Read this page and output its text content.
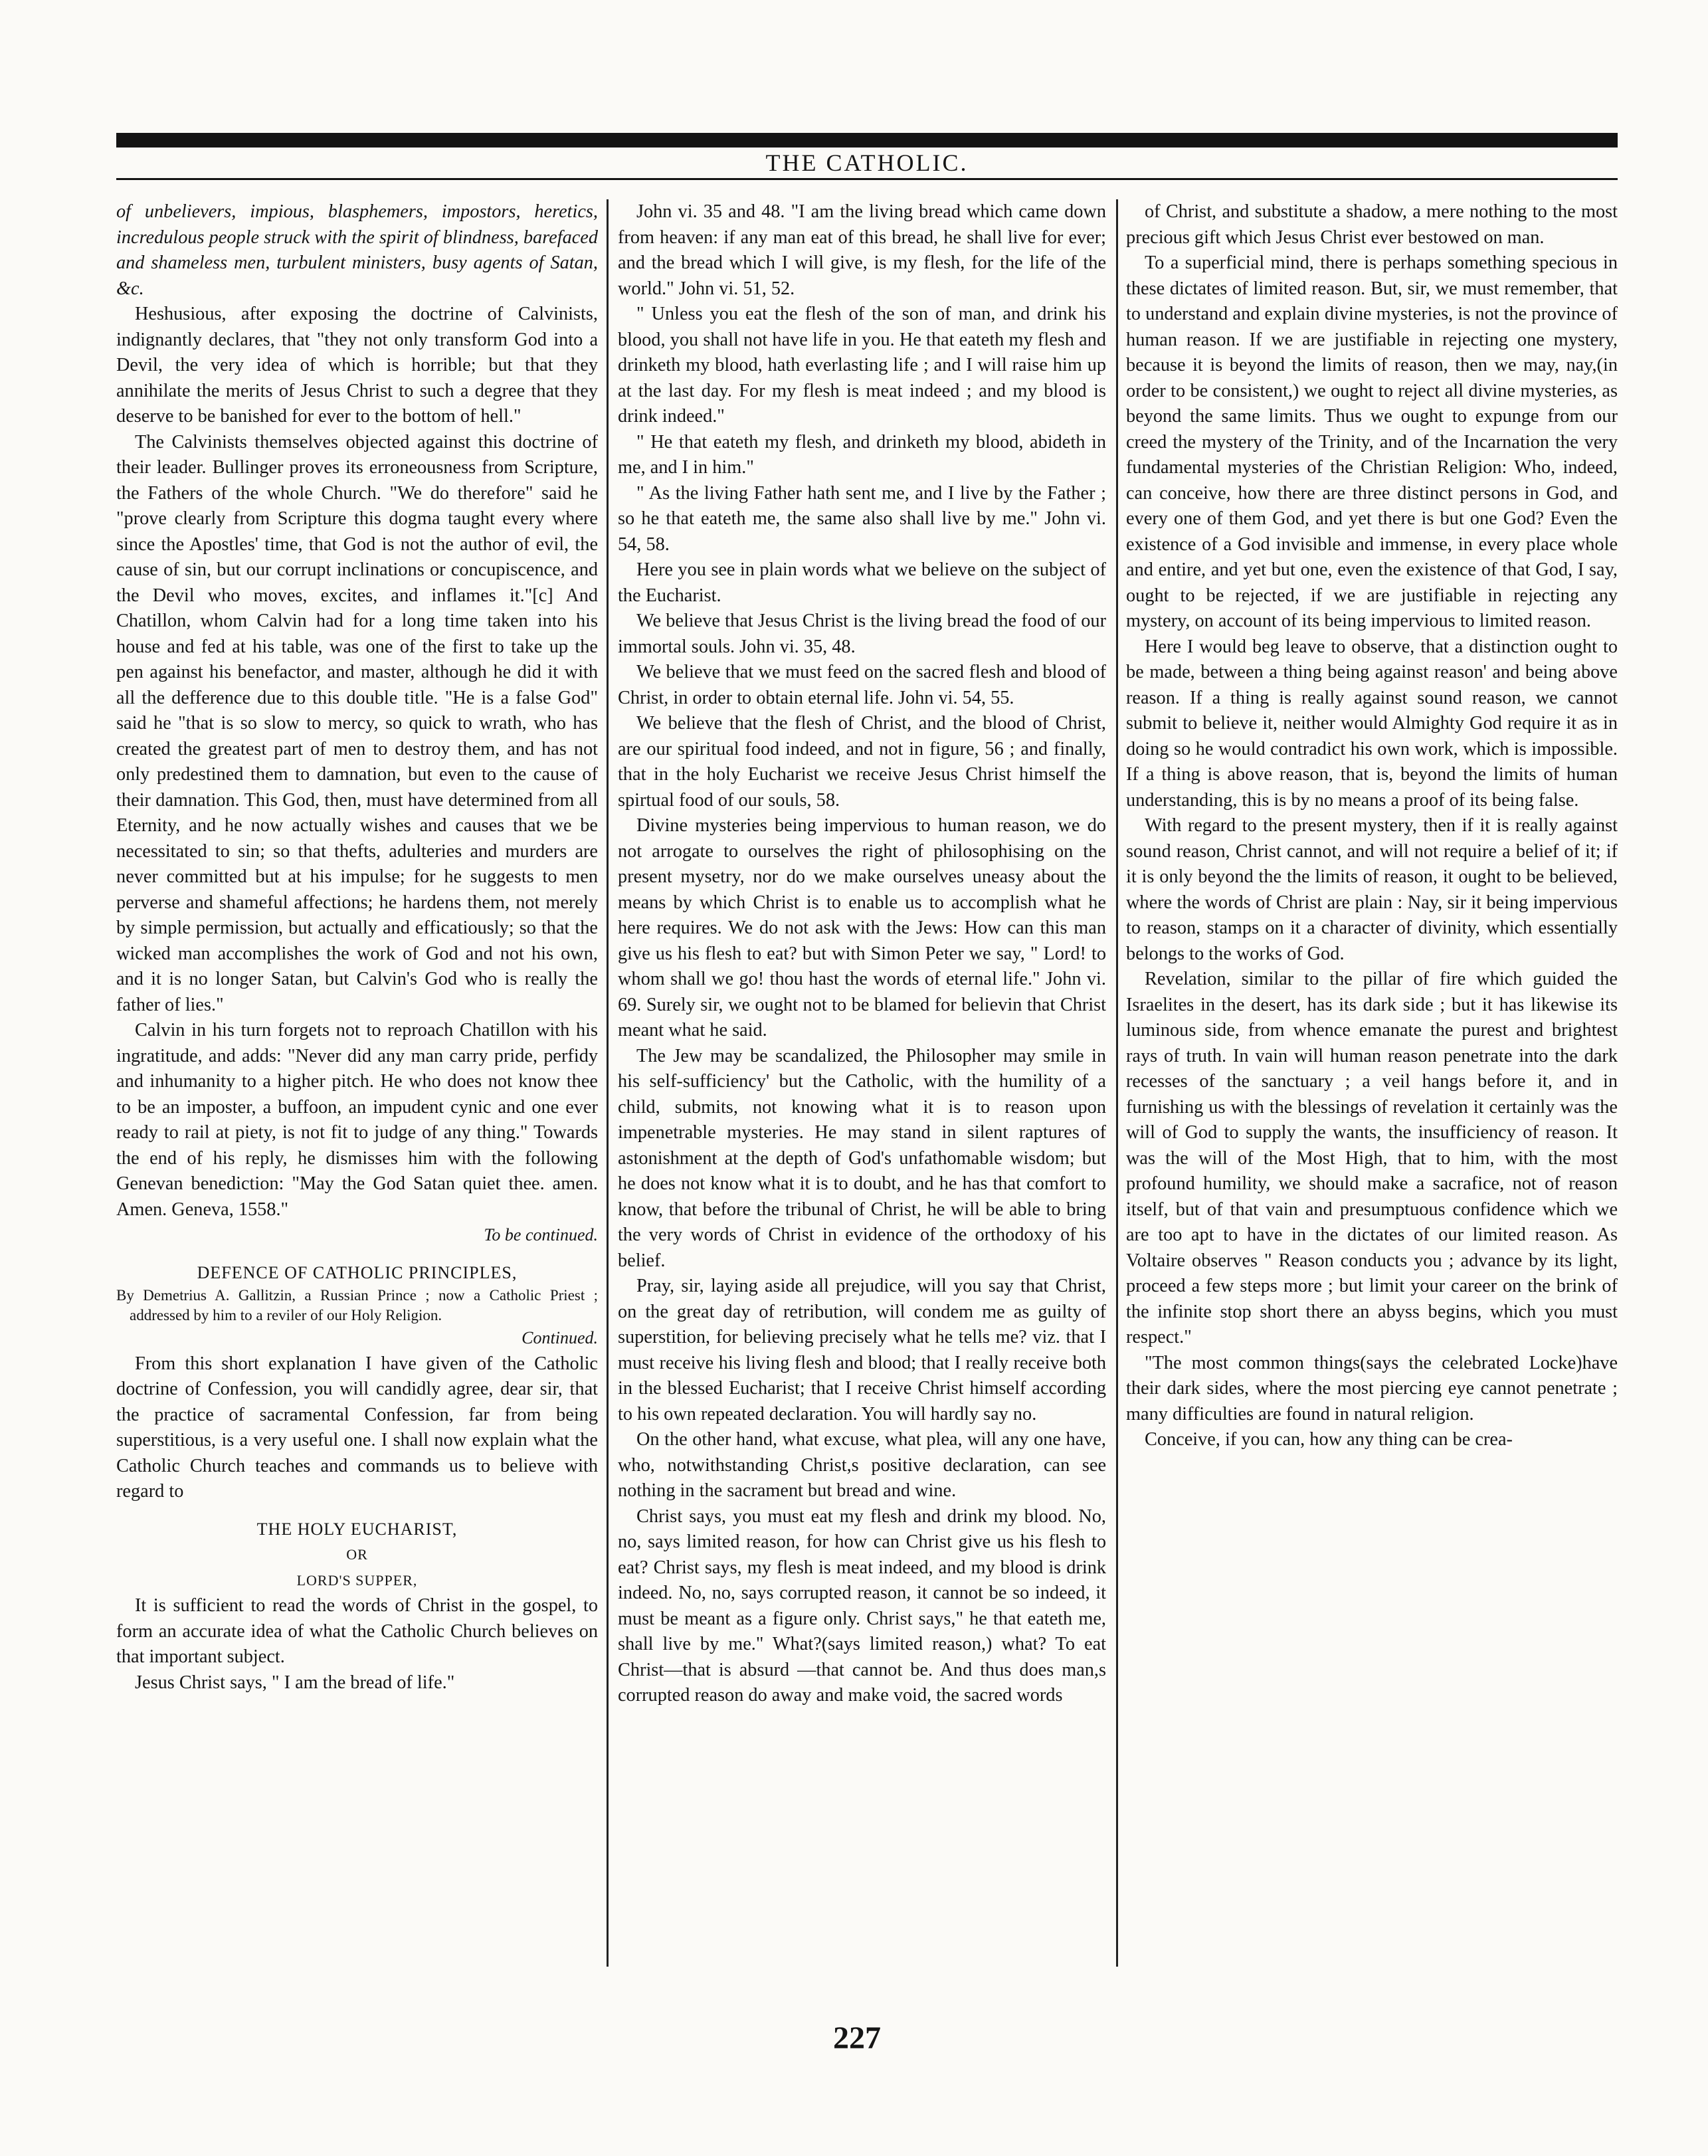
THE CATHOLIC.

of unbelievers, impious, blasphemers, impostors, heretics, incredulous people struck with the spirit of blindness, barefaced and shameless men, turbulent ministers, busy agents of Satan, &c.

Heshusious, after exposing the doctrine of Calvinists, indignantly declares, that "they not only transform God into a Devil, the very idea of which is horrible; but that they annihilate the merits of Jesus Christ to such a degree that they deserve to be banished for ever to the bottom of hell."

The Calvinists themselves objected against this doctrine of their leader. Bullinger proves its erroneousness from Scripture, the Fathers of the whole Church. "We do therefore" said he "prove clearly from Scripture this dogma taught every where since the Apostles' time, that God is not the author of evil, the cause of sin, but our corrupt inclinations or concupiscence, and the Devil who moves, excites, and inflames it."[c] And Chatillon, whom Calvin had for a long time taken into his house and fed at his table, was one of the first to take up the pen against his benefactor, and master, although he did it with all the defference due to this double title. "He is a false God" said he "that is so slow to mercy, so quick to wrath, who has created the greatest part of men to destroy them, and has not only predestined them to damnation, but even to the cause of their damnation. This God, then, must have determined from all Eternity, and he now actually wishes and causes that we be necessitated to sin; so that thefts, adulteries and murders are never committed but at his impulse; for he suggests to men perverse and shameful affections; he hardens them, not merely by simple permission, but actually and efficatiously; so that the wicked man accomplishes the work of God and not his own, and it is no longer Satan, but Calvin's God who is really the father of lies."

Calvin in his turn forgets not to reproach Chatillon with his ingratitude, and adds: "Never did any man carry pride, perfidy and inhumanity to a higher pitch. He who does not know thee to be an imposter, a buffoon, an impudent cynic and one ever ready to rail at piety, is not fit to judge of any thing." Towards the end of his reply, he dismisses him with the following Genevan benediction: "May the God Satan quiet thee. amen. Amen. Geneva, 1558."

To be continued.

DEFENCE OF CATHOLIC PRINCIPLES,

By Demetrius A. Gallitzin, a Russian Prince ; now a Catholic Priest ; addressed by him to a reviler of our Holy Religion.

Continued.

From this short explanation I have given of the Catholic doctrine of Confession, you will candidly agree, dear sir, that the practice of sacramental Confession, far from being superstitious, is a very useful one. I shall now explain what the Catholic Church teaches and commands us to believe with regard to

THE HOLY EUCHARIST,

OR

LORD'S SUPPER,

It is sufficient to read the words of Christ in the gospel, to form an accurate idea of what the Catholic Church believes on that important subject.

Jesus Christ says, " I am the bread of life."

John vi. 35 and 48. "I am the living bread which came down from heaven: if any man eat of this bread, he shall live for ever; and the bread which I will give, is my flesh, for the life of the world." John vi. 51, 52.

" Unless you eat the flesh of the son of man, and drink his blood, you shall not have life in you. He that eateth my flesh and drinketh my blood, hath everlasting life ; and I will raise him up at the last day. For my flesh is meat indeed ; and my blood is drink indeed."

" He that eateth my flesh, and drinketh my blood, abideth in me, and I in him."

" As the living Father hath sent me, and I live by the Father ; so he that eateth me, the same also shall live by me." John vi. 54, 58.

Here you see in plain words what we believe on the subject of the Eucharist.

We believe that Jesus Christ is the living bread the food of our immortal souls. John vi. 35, 48.

We believe that we must feed on the sacred flesh and blood of Christ, in order to obtain eternal life. John vi. 54, 55.

We believe that the flesh of Christ, and the blood of Christ, are our spiritual food indeed, and not in figure, 56 ; and finally, that in the holy Eucharist we receive Jesus Christ himself the spirtual food of our souls, 58.

Divine mysteries being impervious to human reason, we do not arrogate to ourselves the right of philosophising on the present mysetry, nor do we make ourselves uneasy about the means by which Christ is to enable us to accomplish what he here requires. We do not ask with the Jews: How can this man give us his flesh to eat? but with Simon Peter we say, " Lord! to whom shall we go! thou hast the words of eternal life." John vi. 69. Surely sir, we ought not to be blamed for believin that Christ meant what he said.

The Jew may be scandalized, the Philosopher may smile in his self-sufficiency' but the Catholic, with the humility of a child, submits, not knowing what it is to reason upon impenetrable mysteries. He may stand in silent raptures of astonishment at the depth of God's unfathomable wisdom; but he does not know what it is to doubt, and he has that comfort to know, that before the tribunal of Christ, he will be able to bring the very words of Christ in evidence of the orthodoxy of his belief.

Pray, sir, laying aside all prejudice, will you say that Christ, on the great day of retribution, will condem me as guilty of superstition, for believing precisely what he tells me? viz. that I must receive his living flesh and blood; that I really receive both in the blessed Eucharist; that I receive Christ himself according to his own repeated declaration. You will hardly say no.

On the other hand, what excuse, what plea, will any one have, who, notwithstanding Christ,s positive declaration, can see nothing in the sacrament but bread and wine.

Christ says, you must eat my flesh and drink my blood. No, no, says limited reason, for how can Christ give us his flesh to eat? Christ says, my flesh is meat indeed, and my blood is drink indeed. No, no, says corrupted reason, it cannot be so indeed, it must be meant as a figure only. Christ says," he that eateth me, shall live by me." What?(says limited reason,) what? To eat Christ—that is absurd —that cannot be. And thus does man,s corrupted reason do away and make void, the sacred words

of Christ, and substitute a shadow, a mere nothing to the most precious gift which Jesus Christ ever bestowed on man.

To a superficial mind, there is perhaps something specious in these dictates of limited reason. But, sir, we must remember, that to understand and explain divine mysteries, is not the province of human reason. If we are justifiable in rejecting one mystery, because it is beyond the limits of reason, then we may, nay,(in order to be consistent,) we ought to reject all divine mysteries, as beyond the same limits. Thus we ought to expunge from our creed the mystery of the Trinity, and of the Incarnation the very fundamental mysteries of the Christian Religion: Who, indeed, can conceive, how there are three distinct persons in God, and every one of them God, and yet there is but one God? Even the existence of a God invisible and immense, in every place whole and entire, and yet but one, even the existence of that God, I say, ought to be rejected, if we are justifiable in rejecting any mystery, on account of its being impervious to limited reason.

Here I would beg leave to observe, that a distinction ought to be made, between a thing being against reason' and being above reason. If a thing is really against sound reason, we cannot submit to believe it, neither would Almighty God require it as in doing so he would contradict his own work, which is impossible. If a thing is above reason, that is, beyond the limits of human understanding, this is by no means a proof of its being false.

With regard to the present mystery, then if it is really against sound reason, Christ cannot, and will not require a belief of it; if it is only beyond the the limits of reason, it ought to be believed, where the words of Christ are plain : Nay, sir it being impervious to reason, stamps on it a character of divinity, which essentially belongs to the works of God.

Revelation, similar to the pillar of fire which guided the Israelites in the desert, has its dark side ; but it has likewise its luminous side, from whence emanate the purest and brightest rays of truth. In vain will human reason penetrate into the dark recesses of the sanctuary ; a veil hangs before it, and in furnishing us with the blessings of revelation it certainly was the will of God to supply the wants, the insufficiency of reason. It was the will of the Most High, that to him, with the most profound humility, we should make a sacrafice, not of reason itself, but of that vain and presumptuous confidence which we are too apt to have in the dictates of our limited reason. As Voltaire observes " Reason conducts you ; advance by its light, proceed a few steps more ; but limit your career on the brink of the infinite stop short there an abyss begins, which you must respect."

"The most common things(says the celebrated Locke)have their dark sides, where the most piercing eye cannot penetrate ; many difficulties are found in natural religion.

Conceive, if you can, how any thing can be crea-

227
